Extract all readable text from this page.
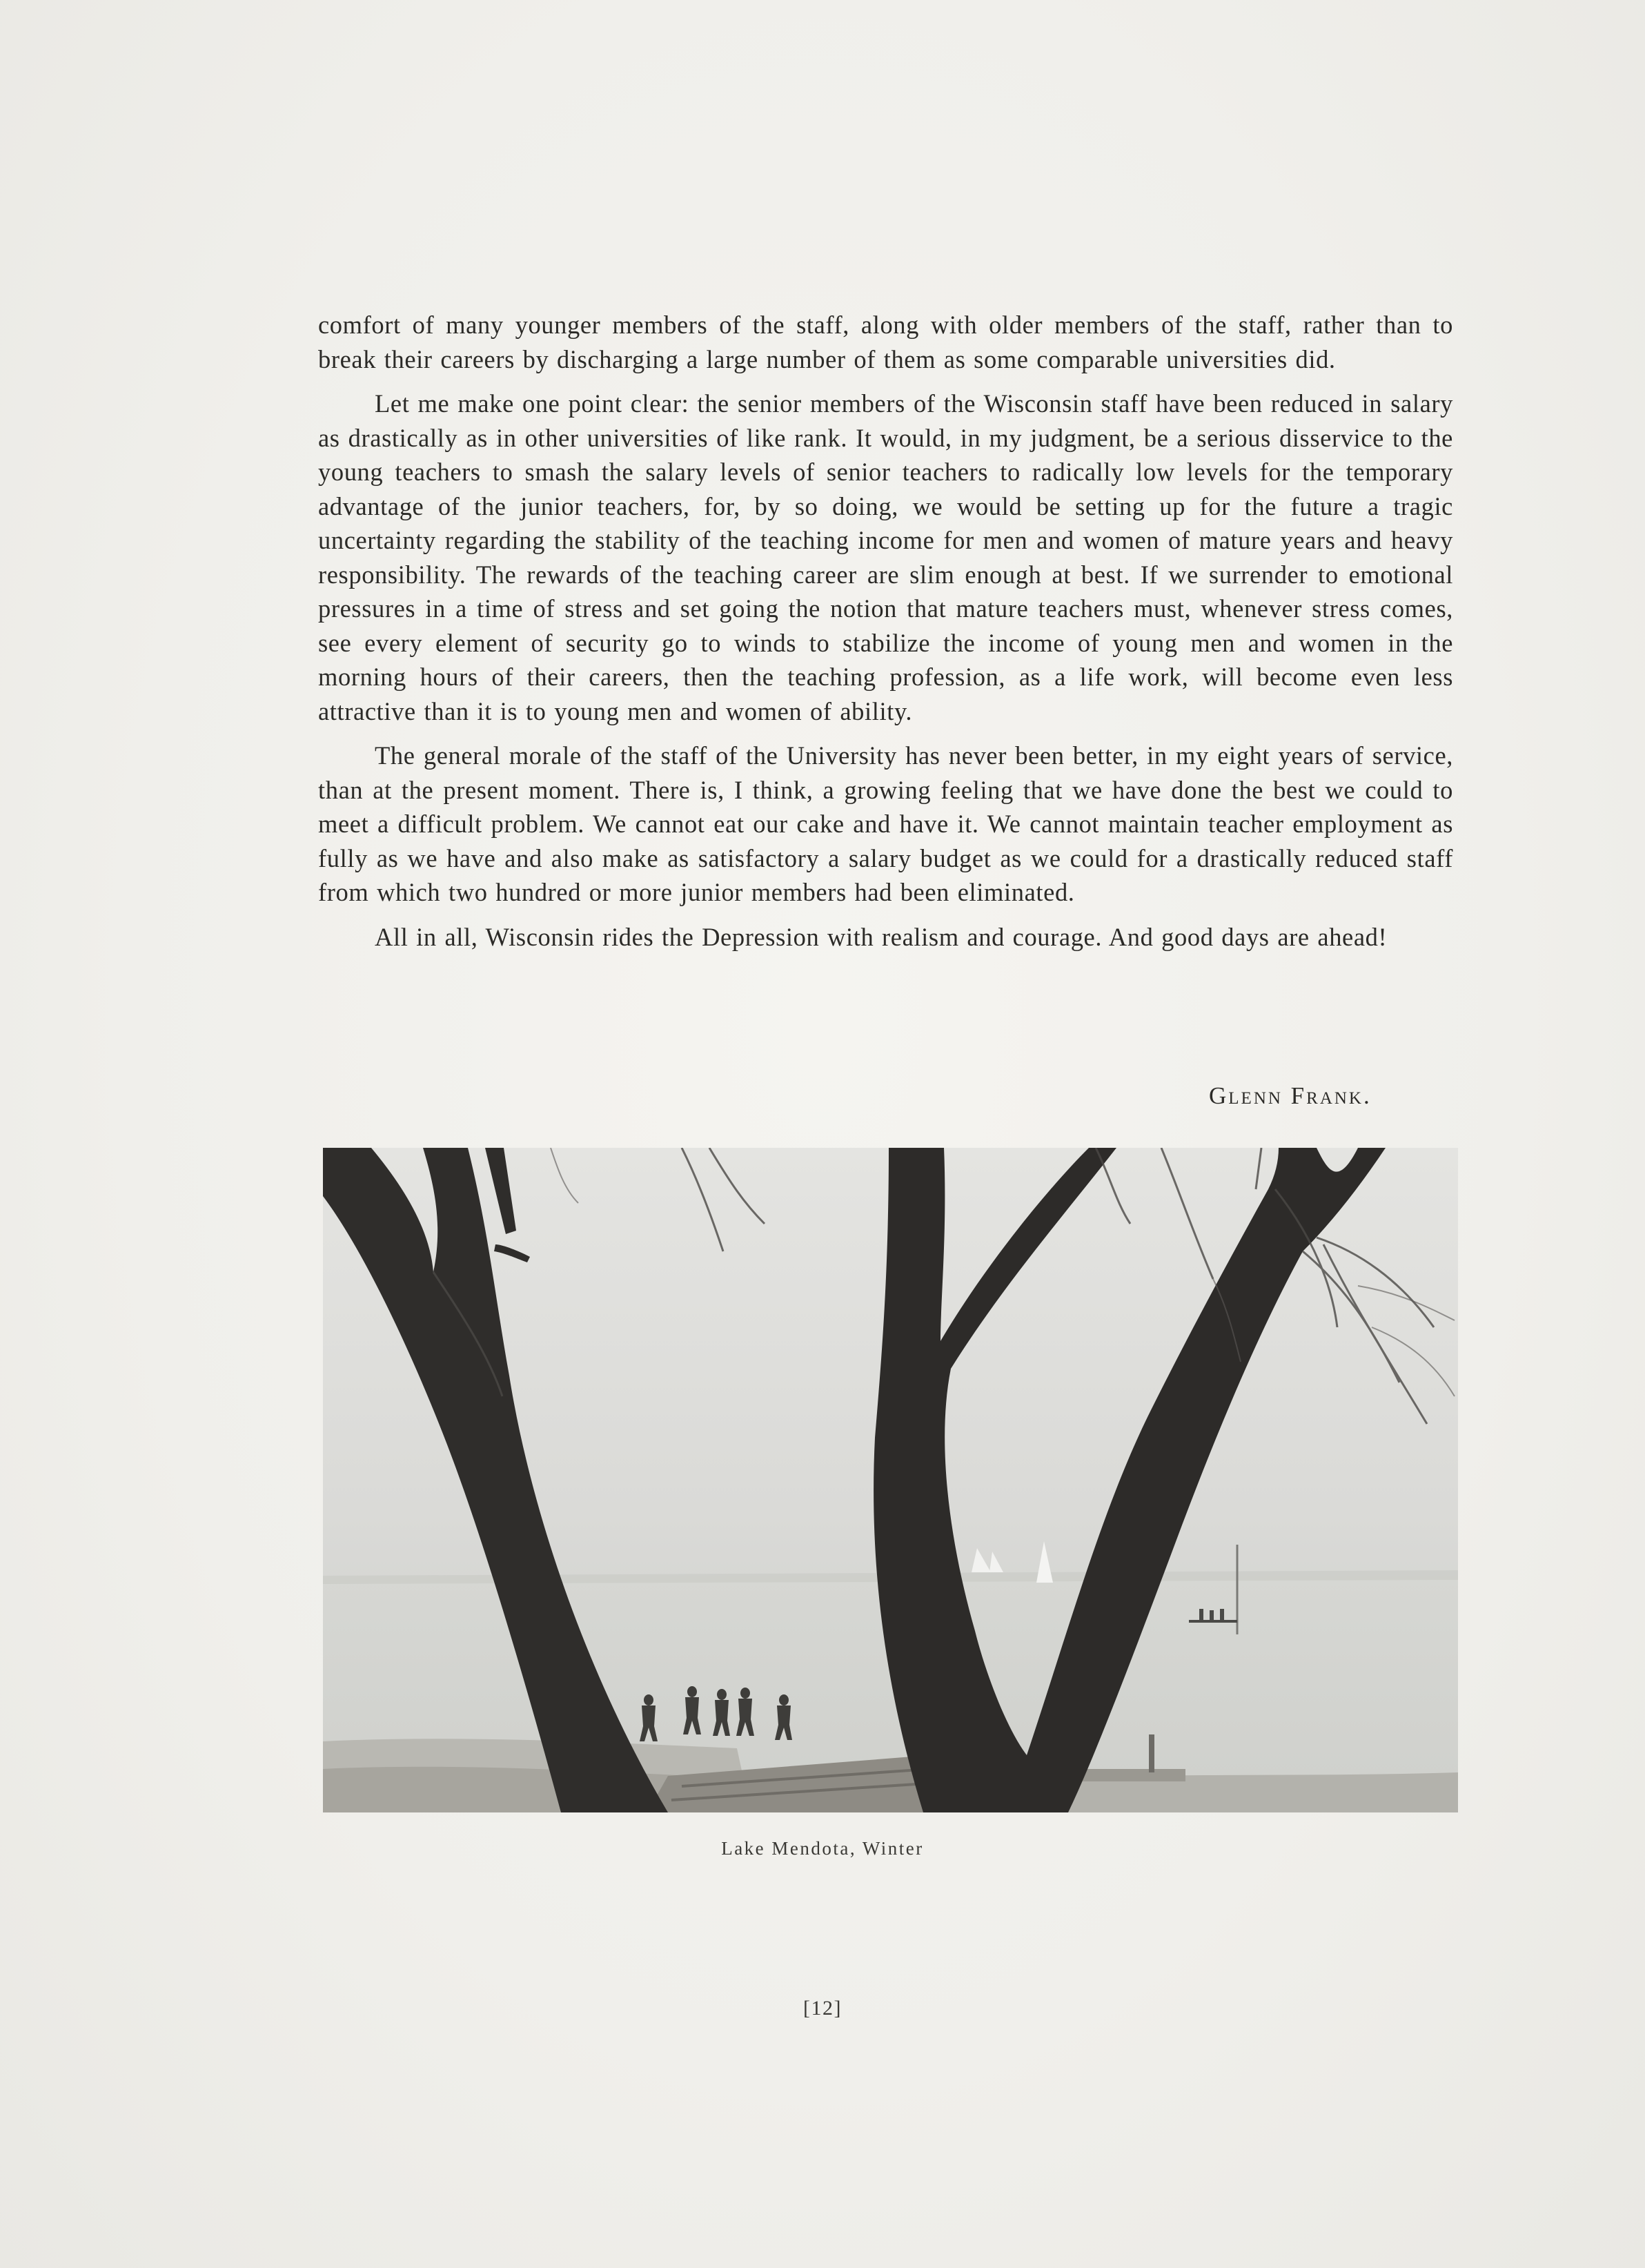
comfort of many younger members of the staff, along with older members of the staff, rather than to break their careers by discharging a large number of them as some comparable universities did.

Let me make one point clear: the senior members of the Wisconsin staff have been reduced in salary as drastically as in other universities of like rank. It would, in my judgment, be a serious disservice to the young teachers to smash the salary levels of senior teachers to radically low levels for the temporary advantage of the junior teachers, for, by so doing, we would be setting up for the future a tragic uncertainty regarding the stability of the teaching income for men and women of mature years and heavy responsibility. The rewards of the teaching career are slim enough at best. If we surrender to emotional pressures in a time of stress and set going the notion that mature teachers must, whenever stress comes, see every element of security go to winds to stabilize the income of young men and women in the morning hours of their careers, then the teaching profession, as a life work, will become even less attractive than it is to young men and women of ability.

The general morale of the staff of the University has never been better, in my eight years of service, than at the present moment. There is, I think, a growing feeling that we have done the best we could to meet a difficult problem. We cannot eat our cake and have it. We cannot maintain teacher employment as fully as we have and also make as satisfactory a salary budget as we could for a drastically reduced staff from which two hundred or more junior members had been eliminated.

All in all, Wisconsin rides the Depression with realism and courage. And good days are ahead!

Glenn Frank.
Lake Mendota, Winter
[12]
